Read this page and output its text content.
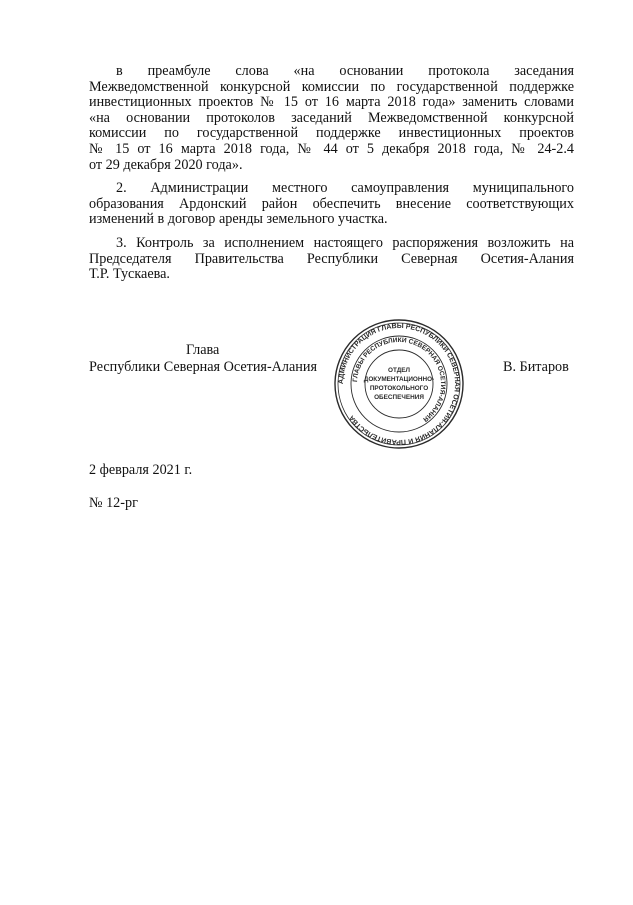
в преамбуле слова «на основании протокола заседания
Межведомственной конкурсной комиссии по государственной поддержке
инвестиционных проектов № 15 от 16 марта 2018 года» заменить словами
«на основании протоколов заседаний Межведомственной конкурсной
комиссии по государственной поддержке инвестиционных проектов
№ 15 от 16 марта 2018 года, № 44 от 5 декабря 2018 года, № 24-2.4
от 29 декабря 2020 года».
2. Администрации местного самоуправления муниципального
образования Ардонский район обеспечить внесение соответствующих
изменений в договор аренды земельного участка.
3. Контроль за исполнением настоящего распоряжения возложить на
Председателя Правительства Республики Северная Осетия-Алания
Т.Р. Тускаева.
Глава
Республики Северная Осетия-Алания	В. Битаров
АДМИНИСТРАЦИЯ ГЛАВЫ РЕСПУБЛИКИ СЕВЕРНАЯ ОСЕТИЯ-АЛАНИЯ И ПРАВИТЕЛЬСТВА
ГЛАВЫ РЕСПУБЛИКИ СЕВЕРНАЯ ОСЕТИЯ-АЛАНИЯ
ОТДЕЛ
ДОКУМЕНТАЦИОННО-
ПРОТОКОЛЬНОГО
ОБЕСПЕЧЕНИЯ
2 февраля 2021 г.
№ 12-рг
